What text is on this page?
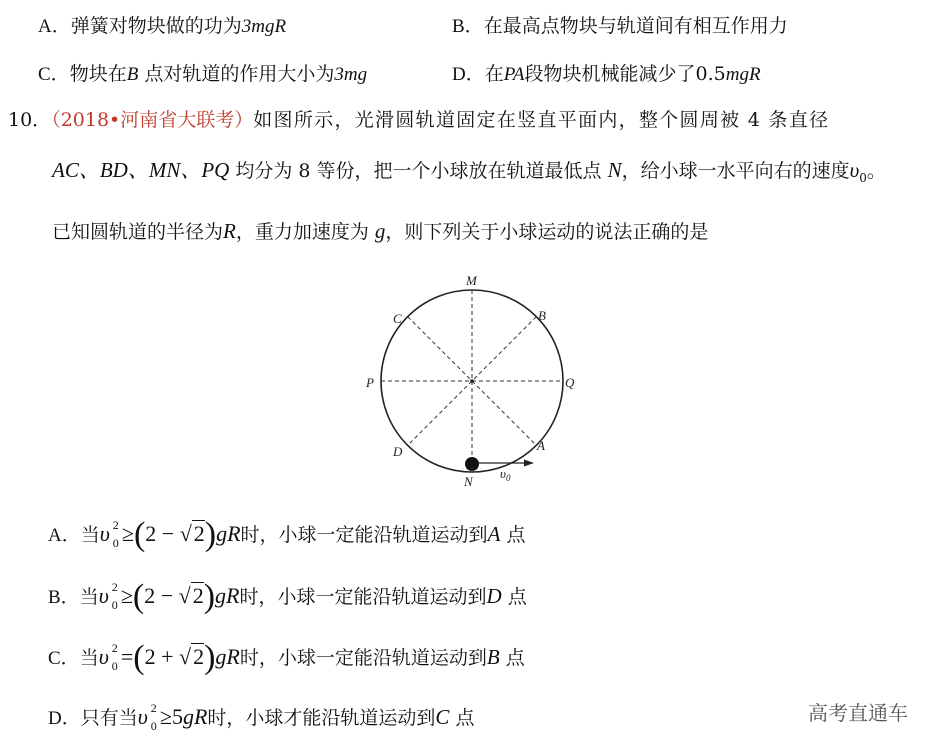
A．弹簧对物块做的功为3mgR	B．在最高点物块与轨道间有相互作用力
C．物块在B 点对轨道的作用大小为3mg	D．在PA段物块机械能减少了0.5mgR
10．（2018•河南省大联考）如图所示，光滑圆轨道固定在竖直平面内，整个圆周被 4 条直径
AC、BD、MN、PQ 均分为 8 等份，把一个小球放在轨道最低点 N，给小球一水平向右的速度$\upsilon_0$。
已知圆轨道的半径为R，重力加速度为 g，则下列关于小球运动的说法正确的是
M
B
C
P	Q
D	A
N
$\upsilon_0$
A．当υ 2
0 ≥(2 − √
2)gR时，小球一定能沿轨道运动到A 点
B．当υ 2
0 ≥(2 − √
2)gR时，小球一定能沿轨道运动到D 点
C．当υ 2
0 =(2 + √
2)gR时，小球一定能沿轨道运动到B 点
D．只有当υ 2
0 ≥5gR时，小球才能沿轨道运动到C 点	高考直通车
